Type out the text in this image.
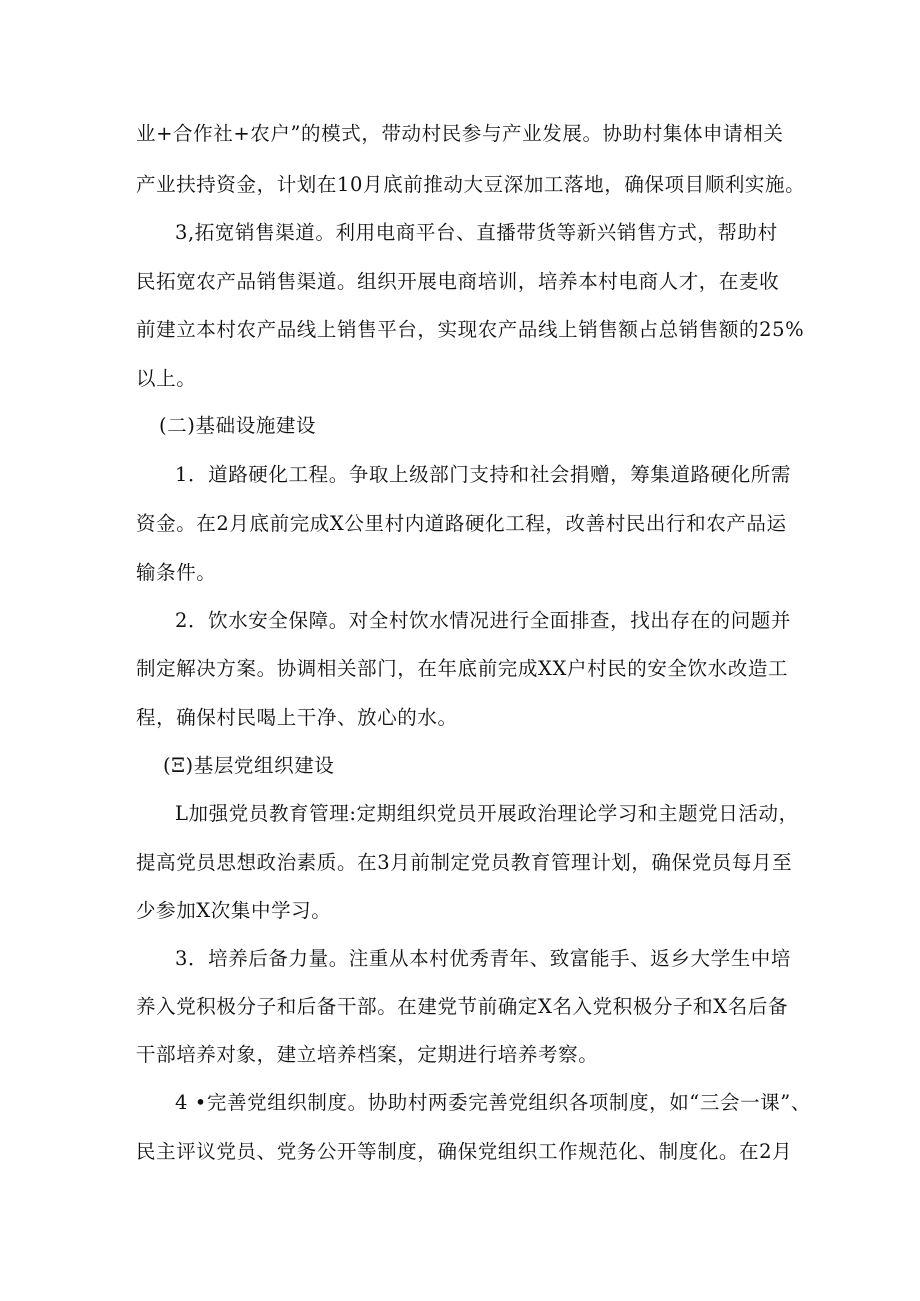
业+合作社+农户”的模式，带动村民参与产业发展。协助村集体申请相关

产业扶持资金，计划在10月底前推动大豆深加工落地，确保项目顺利实施。

3,拓宽销售渠道。利用电商平台、直播带货等新兴销售方式，帮助村

民拓宽农产品销售渠道。组织开展电商培训，培养本村电商人才，在麦收

前建立本村农产品线上销售平台，实现农产品线上销售额占总销售额的25%

以上。

(二)基础设施建设

1．道路硬化工程。争取上级部门支持和社会捐赠，筹集道路硬化所需

资金。在2月底前完成X公里村内道路硬化工程，改善村民出行和农产品运

输条件。

2．饮水安全保障。对全村饮水情况进行全面排查，找出存在的问题并

制定解决方案。协调相关部门，在年底前完成XX户村民的安全饮水改造工

程，确保村民喝上干净、放心的水。

(Ξ)基层党组织建设

L加强党员教育管理:定期组织党员开展政治理论学习和主题党日活动，

提高党员思想政治素质。在3月前制定党员教育管理计划，确保党员每月至

少参加X次集中学习。

3．培养后备力量。注重从本村优秀青年、致富能手、返乡大学生中培

养入党积极分子和后备干部。在建党节前确定X名入党积极分子和X名后备

干部培养对象，建立培养档案，定期进行培养考察。

4 •完善党组织制度。协助村两委完善党组织各项制度，如“三会一课”、

民主评议党员、党务公开等制度，确保党组织工作规范化、制度化。在2月
